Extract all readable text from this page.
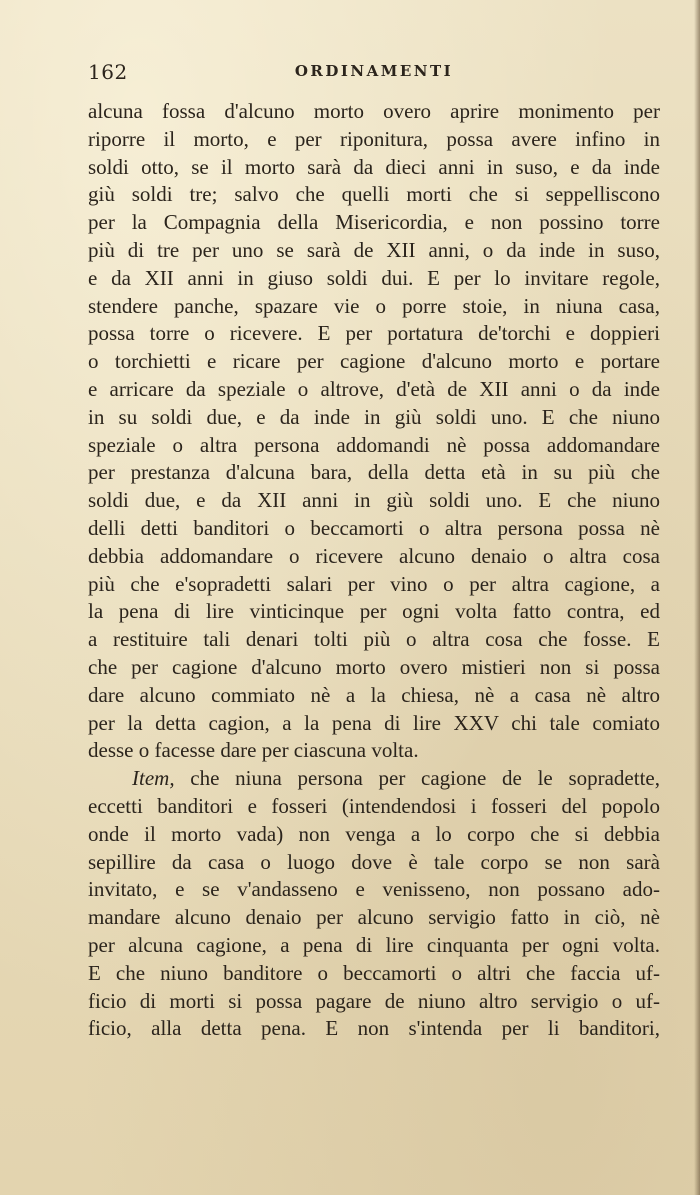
162	ORDINAMENTI
alcuna fossa d'alcuno morto overo aprire monimento per
riporre il morto, e per riponitura, possa avere infino in
soldi otto, se il morto sarà da dieci anni in suso, e da inde
giù soldi tre; salvo che quelli morti che si seppelliscono
per la Compagnia della Misericordia, e non possino torre
più di tre per uno se sarà de XII anni, o da inde in suso,
e da XII anni in giuso soldi dui. E per lo invitare regole,
stendere panche, spazare vie o porre stoie, in niuna casa,
possa torre o ricevere. E per portatura de'torchi e doppieri
o torchietti e ricare per cagione d'alcuno morto e portare
e arricare da speziale o altrove, d'età de XII anni o da inde
in su soldi due, e da inde in giù soldi uno. E che niuno
speziale o altra persona addomandi nè possa addomandare
per prestanza d'alcuna bara, della detta età in su più che
soldi due, e da XII anni in giù soldi uno. E che niuno
delli detti banditori o beccamorti o altra persona possa nè
debbia addomandare o ricevere alcuno denaio o altra cosa
più che e'sopradetti salari per vino o per altra cagione, a
la pena di lire vinticinque per ogni volta fatto contra, ed
a restituire tali denari tolti più o altra cosa che fosse. E
che per cagione d'alcuno morto overo mistieri non si possa
dare alcuno commiato nè a la chiesa, nè a casa nè altro
per la detta cagion, a la pena di lire XXV chi tale comiato
desse o facesse dare per ciascuna volta.
Item, che niuna persona per cagione de le sopradette,
eccetti banditori e fosseri (intendendosi i fosseri del popolo
onde il morto vada) non venga a lo corpo che si debbia
sepillire da casa o luogo dove è tale corpo se non sarà
invitato, e se v'andasseno e venisseno, non possano ado-
mandare alcuno denaio per alcuno servigio fatto in ciò, nè
per alcuna cagione, a pena di lire cinquanta per ogni volta.
E che niuno banditore o beccamorti o altri che faccia uf-
ficio di morti si possa pagare de niuno altro servigio o uf-
ficio, alla detta pena. E non s'intenda per li banditori,
